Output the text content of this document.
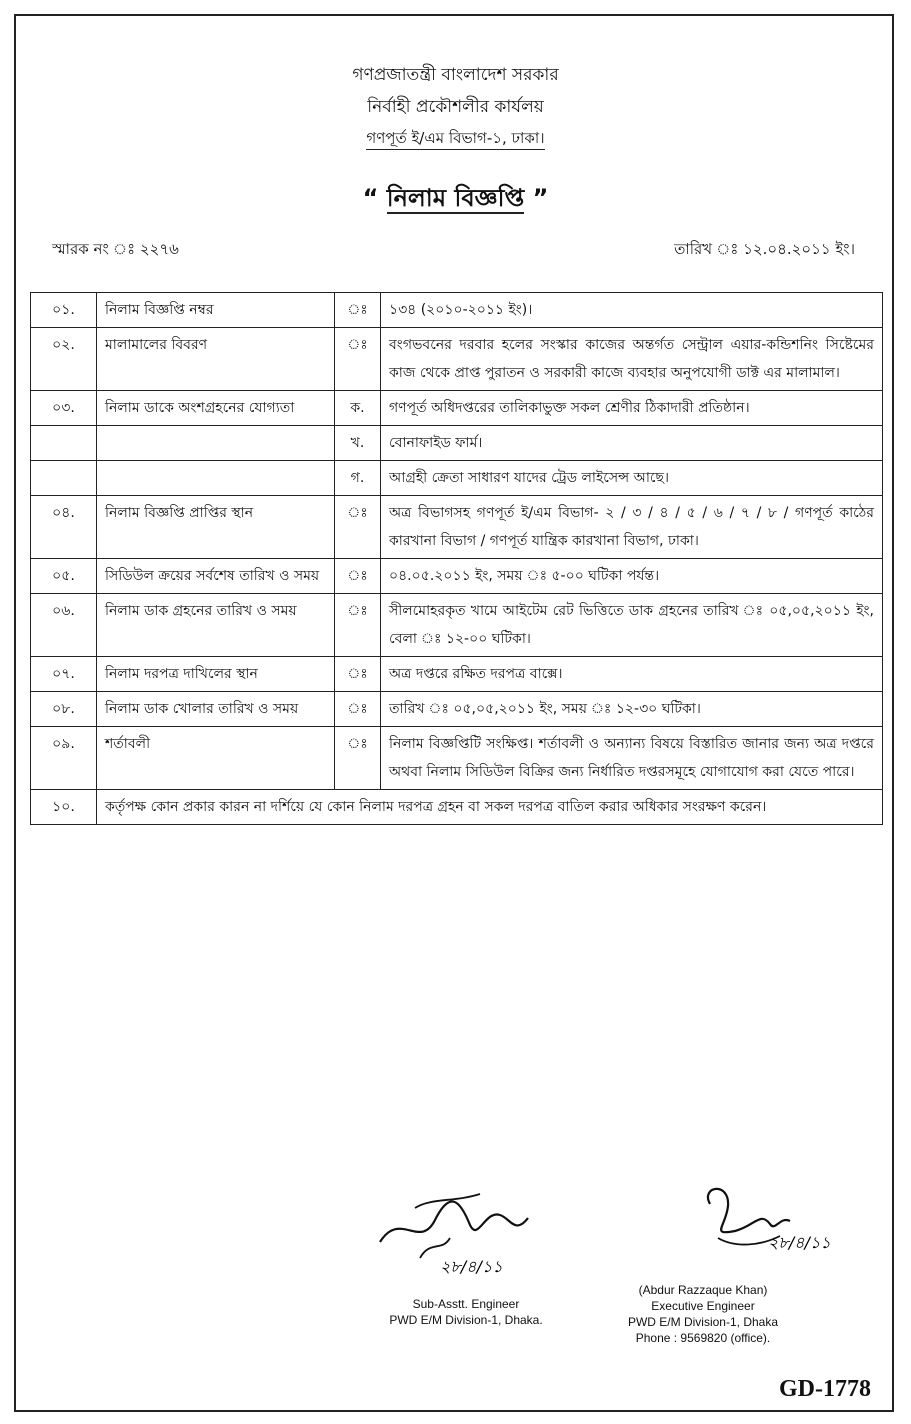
গণপ্রজাতন্ত্রী বাংলাদেশ সরকার
নির্বাহী প্রকৌশলীর কার্যলয়
গণপূর্ত ই/এম বিভাগ-১, ঢাকা।
“ নিলাম বিজ্ঞপ্তি ”
স্মারক নং ঃ ২২৭৬	তারিখ ঃ ১২.০৪.২০১১ ইং।
০১.	নিলাম বিজ্ঞপ্তি নম্বর	ঃ	১৩৪ (২০১০-২০১১ ইং)।
০২.	মালামালের বিবরণ	ঃ	বংগভবনের দরবার হলের সংস্কার কাজের অন্তর্গত সেন্ট্রাল এয়ার-কন্ডিশনিং সিষ্টেমের কাজ থেকে প্রাপ্ত পুরাতন ও সরকারী কাজে ব্যবহার অনুপযোগী ডাক্ট এর মালামাল।
০৩.	নিলাম ডাকে অংশগ্রহনের যোগ্যতা	ক.	গণপূর্ত অধিদপ্তরের তালিকাভুক্ত সকল শ্রেণীর ঠিকাদারী প্রতিষ্ঠান।
		খ.	বোনাফাইড ফার্ম।
		গ.	আগ্রহী ক্রেতা সাধারণ যাদের ট্রেড লাইসেন্স আছে।
০৪.	নিলাম বিজ্ঞপ্তি প্রাপ্তির স্থান	ঃ	অত্র বিভাগসহ গণপূর্ত ই/এম বিভাগ- ২ / ৩ / ৪ / ৫ / ৬ / ৭ / ৮ / গণপূর্ত কাঠের কারখানা বিভাগ / গণপূর্ত যান্ত্রিক কারখানা বিভাগ, ঢাকা।
০৫.	সিডিউল ক্রয়ের সর্বশেষ তারিখ ও সময়	ঃ	০৪.০৫.২০১১ ইং, সময় ঃ ৫-০০ ঘটিকা পর্যন্ত।
০৬.	নিলাম ডাক গ্রহনের তারিখ ও সময়	ঃ	সীলমোহরকৃত খামে আইটেম রেট ভিত্তিতে ডাক গ্রহনের তারিখ ঃ ০৫,০৫,২০১১ ইং, বেলা ঃ ১২-০০ ঘটিকা।
০৭.	নিলাম দরপত্র দাখিলের স্থান	ঃ	অত্র দপ্তরে রক্ষিত দরপত্র বাক্সে।
০৮.	নিলাম ডাক খোলার তারিখ ও সময়	ঃ	তারিখ ঃ ০৫,০৫,২০১১ ইং, সময় ঃ ১২-৩০ ঘটিকা।
০৯.	শর্তাবলী	ঃ	নিলাম বিজ্ঞপ্তিটি সংক্ষিপ্ত। শর্তাবলী ও অন্যান্য বিষয়ে বিস্তারিত জানার জন্য অত্র দপ্তরে অথবা নিলাম সিডিউল বিক্রির জন্য নির্ধারিত দপ্তরসমূহে যোগাযোগ করা যেতে পারে।
১০.	কর্তৃপক্ষ কোন প্রকার কারন না দর্শিয়ে যে কোন নিলাম দরপত্র গ্রহন বা সকল দরপত্র বাতিল করার অধিকার সংরক্ষণ করেন।		
২৮/৪/১১
২৮/৪/১১
Sub-Asstt. Engineer
PWD E/M Division-1, Dhaka.
(Abdur Razzaque Khan)
Executive Engineer
PWD E/M Division-1, Dhaka
Phone : 9569820 (office).
GD-1778
